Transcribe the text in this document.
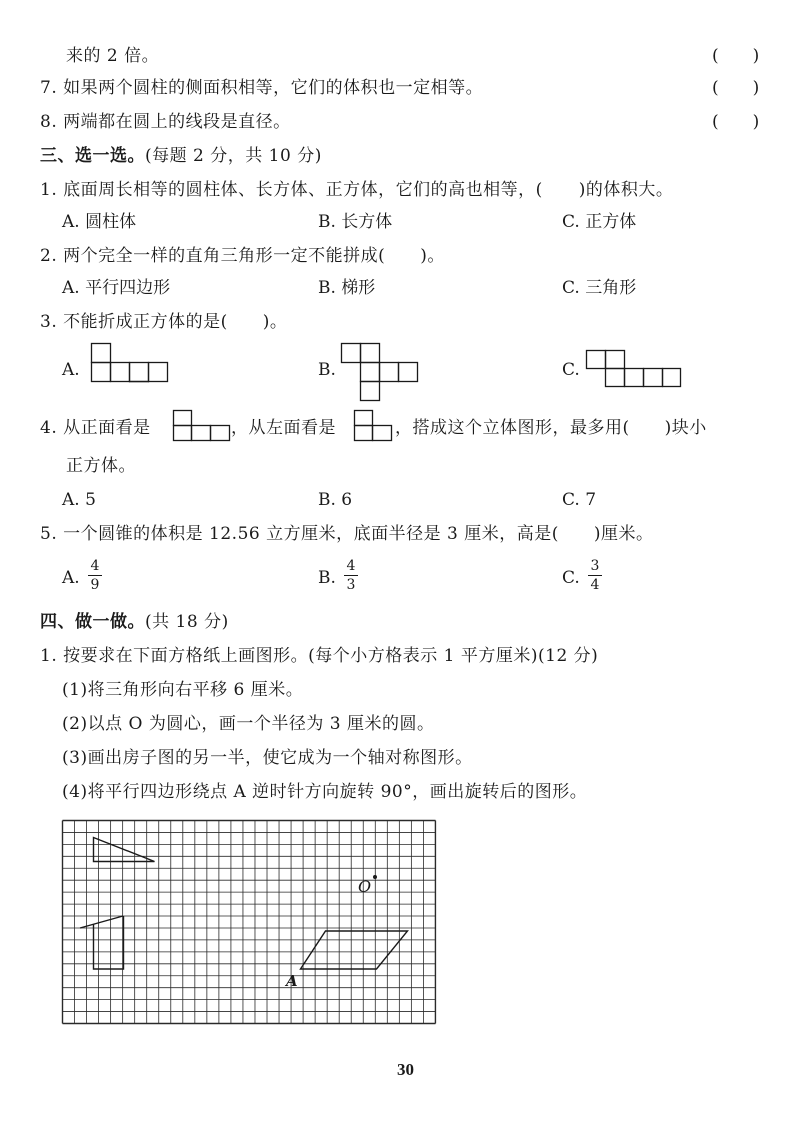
来的 2 倍。	(　　)
7. 如果两个圆柱的侧面积相等，它们的体积也一定相等。	(　　)
8. 两端都在圆上的线段是直径。	(　　)
三、选一选。(每题 2 分，共 10 分)
1. 底面周长相等的圆柱体、长方体、正方体，它们的高也相等，( )的体积大。
A. 圆柱体	B. 长方体	C. 正方体
2. 两个完全一样的直角三角形一定不能拼成(　　)。
A. 平行四边形	B. 梯形	C. 三角形
3. 不能折成正方体的是(　　)。
A.	B.	C.
4. 从正面看是	，从左面看是	，搭成这个立体图形，最多用(　　)块小
正方体。
A. 5	B. 6	C. 7
5. 一个圆锥的体积是 12.56 立方厘米，底面半径是 3 厘米，高是(　　)厘米。
A.
4
9	B.
4
3	C.
3
4
四、做一做。(共 18 分)
1. 按要求在下面方格纸上画图形。(每个小方格表示 1 平方厘米)(12 分)
(1)将三角形向右平移 6 厘米。
(2)以点 O 为圆心，画一个半径为 3 厘米的圆。
(3)画出房子图的另一半，使它成为一个轴对称图形。
(4)将平行四边形绕点 A 逆时针方向旋转 90°，画出旋转后的图形。
O
A
30
